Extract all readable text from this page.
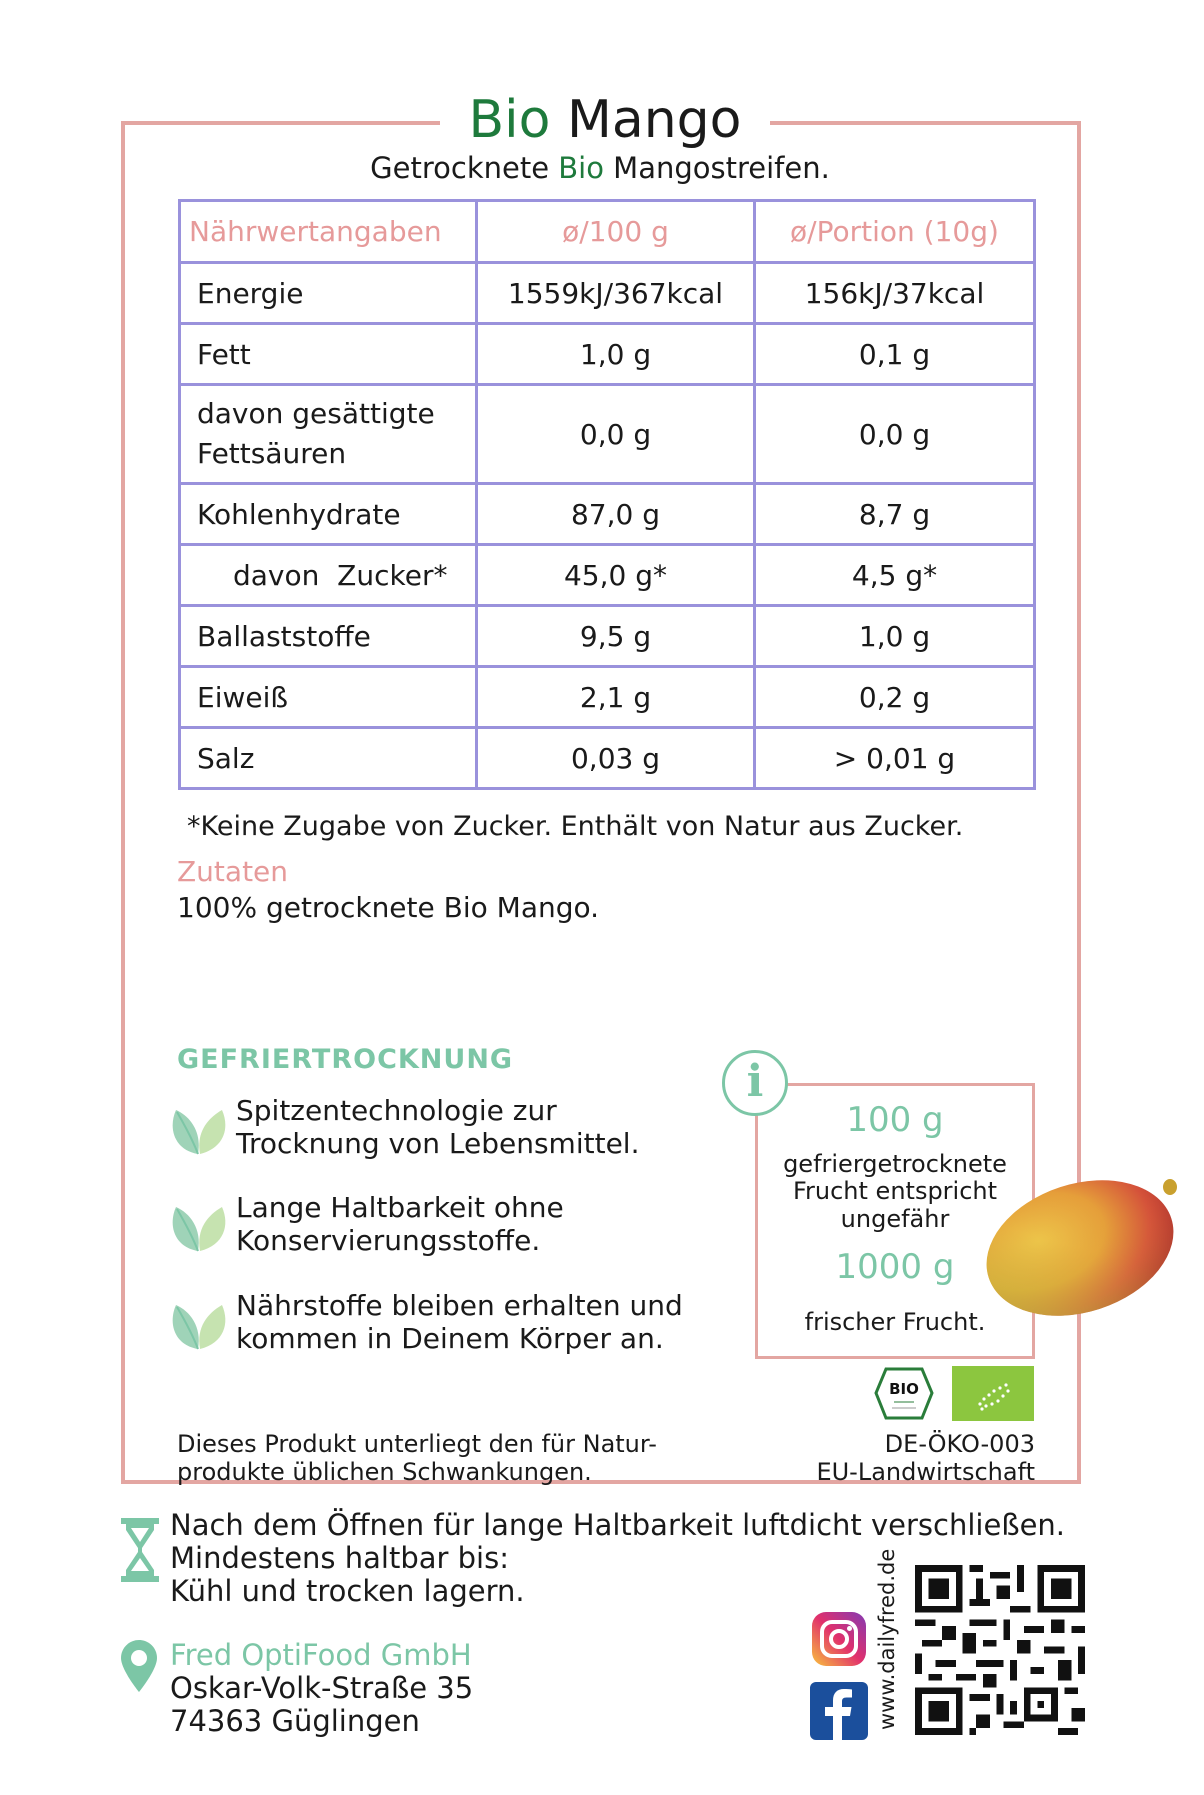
Bio Mango
Getrocknete Bio Mangostreifen.
Nährwertangaben	ø/100 g	ø/Portion (10g)
Energie	1559kJ/367kcal	156kJ/37kcal
Fett	1,0 g	0,1 g

davon gesättigte
Fettsäuren	0,0 g	0,0 g
Kohlenhydrate	87,0 g	8,7 g
davon  Zucker*	45,0 g*	4,5 g*
Ballaststoffe	9,5 g	1,0 g
Eiweiß	2,1 g	0,2 g
Salz	0,03 g	> 0,01 g
*Keine Zugabe von Zucker. Enthält von Natur aus Zucker.
Zutaten
100% getrocknete Bio Mango.
GEFRIERTROCKNUNG
Spitzentechnologie zur
Trocknung von Lebensmittel.
Lange Haltbarkeit ohne
Konservierungsstoffe.
Nährstoffe bleiben erhalten und
kommen in Deinem Körper an.
100 g
gefriergetrocknete
Frucht entspricht
ungefähr
1000 g
frischer Frucht.
i
BIO
DE-ÖKO-003
EU-Landwirtschaft
Dieses Produkt unterliegt den für Natur-
produkte üblichen Schwankungen.
Nach dem Öffnen für lange Haltbarkeit luftdicht verschließen.
Mindestens haltbar bis:
Kühl und trocken lagern.
Fred OptiFood GmbH
Oskar-Volk-Straße 35
74363 Güglingen	www.dailyfred.de
